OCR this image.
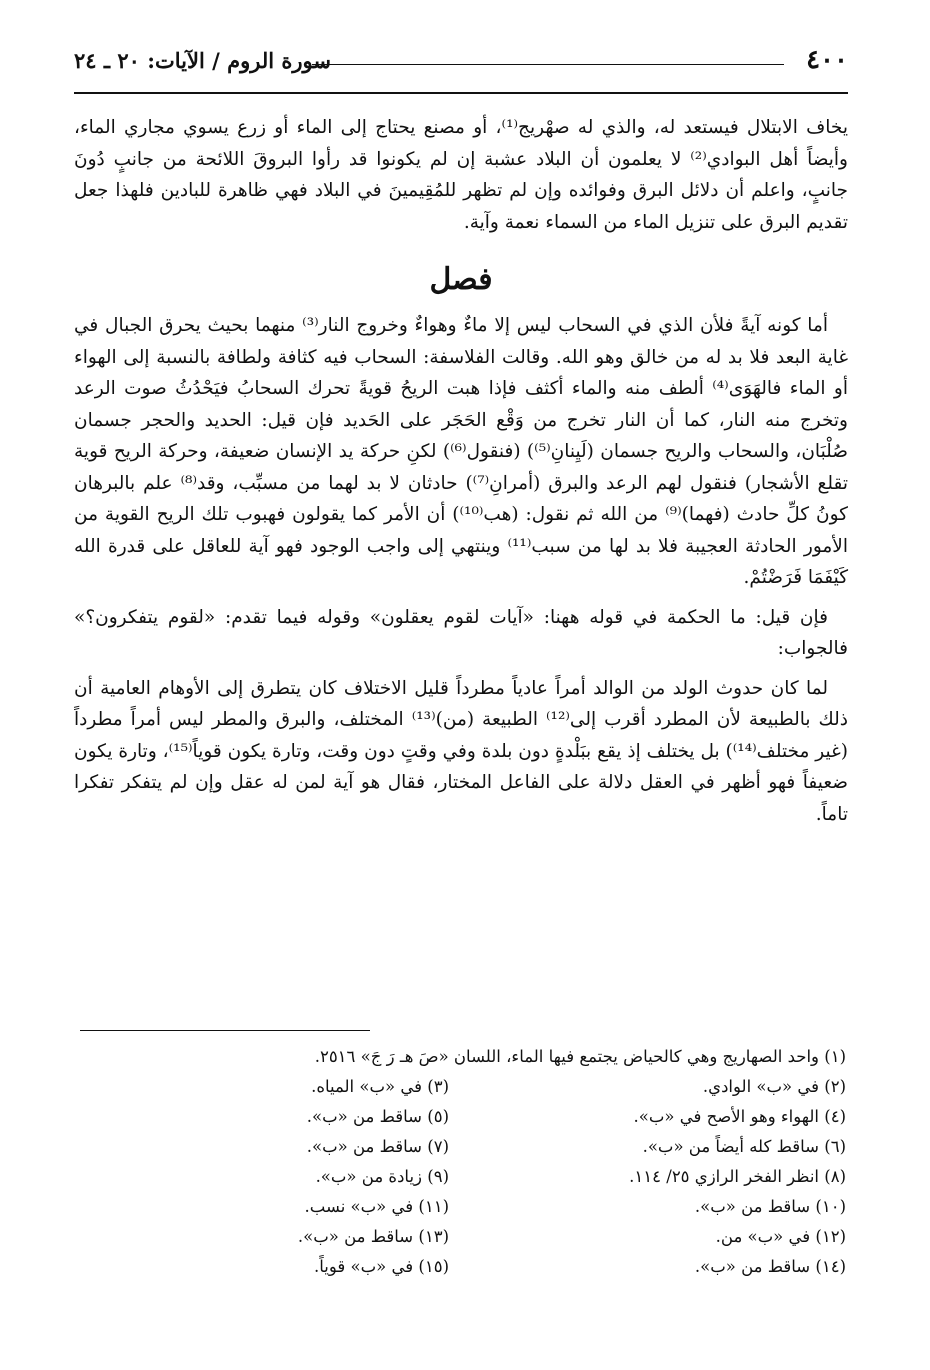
٤٠٠
سورة الروم / الآيات: ٢٠ ـ ٢٤

يخاف الابتلال فيستعد له، والذي له صهْريج⁽¹⁾، أو مصنع يحتاج إلى الماء أو زرع يسوي مجاري الماء، وأيضاً أهل البوادي⁽²⁾ لا يعلمون أن البلاد عشبة إن لم يكونوا قد رأوا البروقَ اللائحة من جانبٍ دُونَ جانبٍ، واعلم أن دلائل البرق وفوائده وإن لم تظهر للمُقِيمينَ في البلاد فهي ظاهرة للبادين فلهذا جعل تقديم البرق على تنزيل الماء من السماء نعمة وآية.

فصل

أما كونه آيةً فلأن الذي في السحاب ليس إلا ماءٌ وهواءٌ وخروج النار⁽³⁾ منهما بحيث يحرق الجبال في غاية البعد فلا بد له من خالق وهو الله. وقالت الفلاسفة: السحاب فيه كثافة ولطافة بالنسبة إلى الهواء أو الماء فالهَوَى⁽⁴⁾ ألطف منه والماء أكثف فإذا هبت الريحُ قويةً تحرك السحابُ فيَحْدُثُ صوت الرعد وتخرج منه النار، كما أن النار تخرج من وَقْع الحَجَر على الحَديد فإن قيل: الحديد والحجر جسمان صُلْبَان، والسحاب والريح جسمان (لَيِنانِ⁽⁵⁾) (فنقول⁽⁶⁾) لكنِ حركة يد الإنسان ضعيفة، وحركة الريح قوية تقلع الأشجار) فنقول لهم الرعد والبرق (أمرانِ⁽⁷⁾) حادثان لا بد لهما من مسبِّب، وقد⁽⁸⁾ علم بالبرهان كونُ كلِّ حادث (فهما)⁽⁹⁾ من الله ثم نقول: (هب⁽¹⁰⁾) أن الأمر كما يقولون فهبوب تلك الريح القوية من الأمور الحادثة العجيبة فلا بد لها من سبب⁽¹¹⁾ وينتهي إلى واجب الوجود فهو آية للعاقل على قدرة الله كَيْفَمَا فَرَضْتُمْ.

فإن قيل: ما الحكمة في قوله ههنا: «آيات لقوم يعقلون» وقوله فيما تقدم: «لقوم يتفكرون؟» فالجواب:

لما كان حدوث الولد من الوالد أمراً عادياً مطرداً قليل الاختلاف كان يتطرق إلى الأوهام العامية أن ذلك بالطبيعة لأن المطرد أقرب إلى⁽¹²⁾ الطبيعة (من)⁽¹³⁾ المختلف، والبرق والمطر ليس أمراً مطرداً (غير مختلف⁽¹⁴⁾) بل يختلف إذ يقع ببَلْدةٍ دون بلدة وفي وقتٍ دون وقت، وتارة يكون قوياً⁽¹⁵⁾، وتارة يكون ضعيفاً فهو أظهر في العقل دلالة على الفاعل المختار، فقال هو آية لمن له عقل وإن لم يتفكر تفكرا تاماً.

(١) واحد الصهاريج وهي كالحياض يجتمع فيها الماء، اللسان «صَ هـ رَ جَ» ٢٥١٦.
(٢) في «ب» الوادي.
(٣) في «ب» المياه.
(٤) الهواء وهو الأصح في «ب».
(٥) ساقط من «ب».
(٦) ساقط كله أيضاً من «ب».
(٧) ساقط من «ب».
(٨) انظر الفخر الرازي ٢٥/ ١١٤.
(٩) زيادة من «ب».
(١٠) ساقط من «ب».
(١١) في «ب» نسب.
(١٢) في «ب» من.
(١٣) ساقط من «ب».
(١٤) ساقط من «ب».
(١٥) في «ب» قوياً.
